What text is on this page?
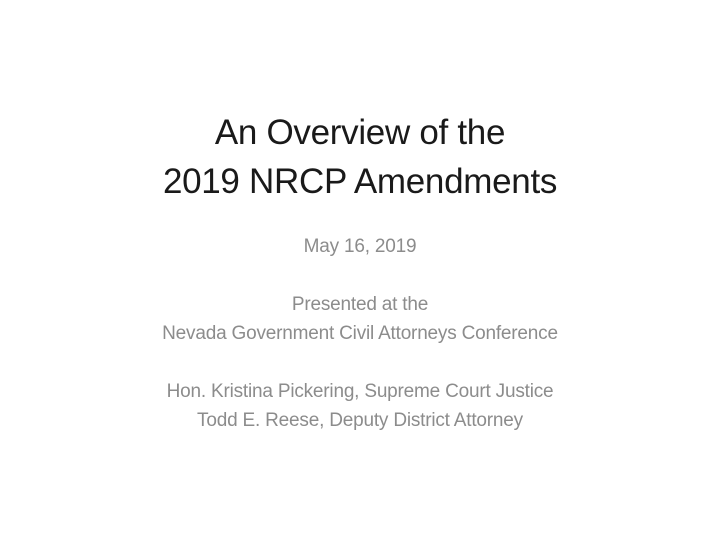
An Overview of the
2019 NRCP Amendments
May 16, 2019
Presented at the
Nevada Government Civil Attorneys Conference
Hon. Kristina Pickering, Supreme Court Justice
Todd E. Reese, Deputy District Attorney
